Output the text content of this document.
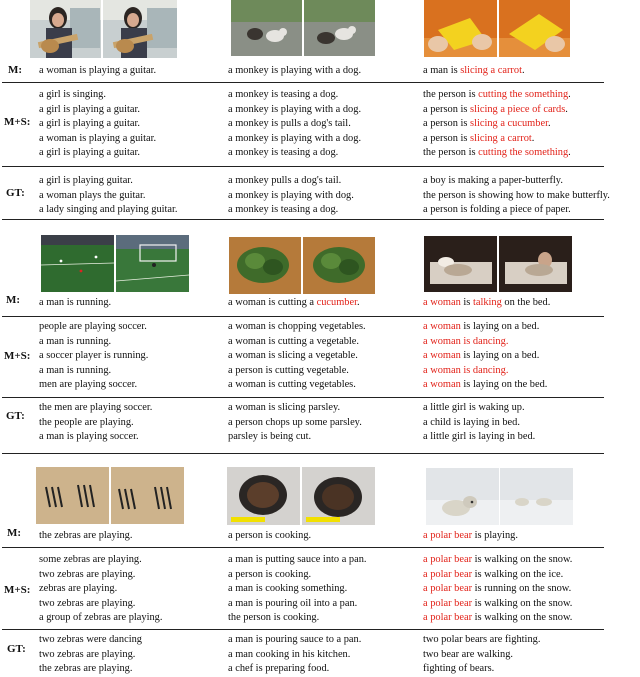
M:
M+S:
GT:
M:
M+S:
GT:
M:
M+S:
GT:
a woman is playing a guitar.
a girl is singing.
a girl is playing a guitar.
a girl is playing a guitar.
a woman is playing a guitar.
a girl is playing a guitar.
a girl is playing guitar.
a woman plays the guitar.
a lady singing and playing guitar.
a monkey is playing with a dog.
a monkey is teasing a dog.
a monkey is playing with a dog.
a monkey is pulls a dog's tail.
a monkey is playing with a dog.
a monkey is teasing a dog.
a monkey pulls a dog's tail.
a monkey is playing with dog.
a monkey is teasing a dog.
a man is slicing a carrot.
the person is cutting the something.
a person is slicing a piece of cards.
a person is slicing a cucumber.
a person is slicing a carrot.
the person is cutting the something.
a boy is making a paper-butterfly.
the person is showing how to make butterfly.
a person is folding a piece of paper.
a man is running.
people are playing soccer.
a man is running.
a soccer player is running.
a man is running.
men are playing soccer.
the men are playing soccer.
the people are playing.
a man is playing soccer.
a woman is cutting a cucumber.
a woman is chopping vegetables.
a woman is cutting a vegetable.
a woman is slicing a vegetable.
a person is cutting vegetable.
a woman is cutting vegetables.
a woman is slicing parsley.
a person chops up some parsley.
parsley is being cut.
a woman is talking on the bed.
a woman is laying on a bed.
a woman is dancing.
a woman is laying on a bed.
a woman is dancing.
a woman is laying on the bed.
a little girl is waking up.
a child is laying in bed.
a little girl is laying in bed.
the zebras are playing.
some zebras are playing.
two zebras are playing.
zebras are playing.
two zebras are playing.
a group of zebras are playing.
two zebras were dancing
two zebras are playing.
the zebras are playing.
a person is cooking.
a man is putting sauce into a pan.
a person is cooking.
a man is cooking something.
a man is pouring oil into a pan.
the person is cooking.
a man is pouring sauce to a pan.
a man cooking in his kitchen.
a chef is preparing food.
a polar bear is playing.
a polar bear is walking on the snow.
a polar bear is walking on the ice.
a polar bear is running on the snow.
a polar bear is walking on the snow.
a polar bear is walking on the snow.
two polar bears are fighting.
two bear are walking.
fighting of bears.
